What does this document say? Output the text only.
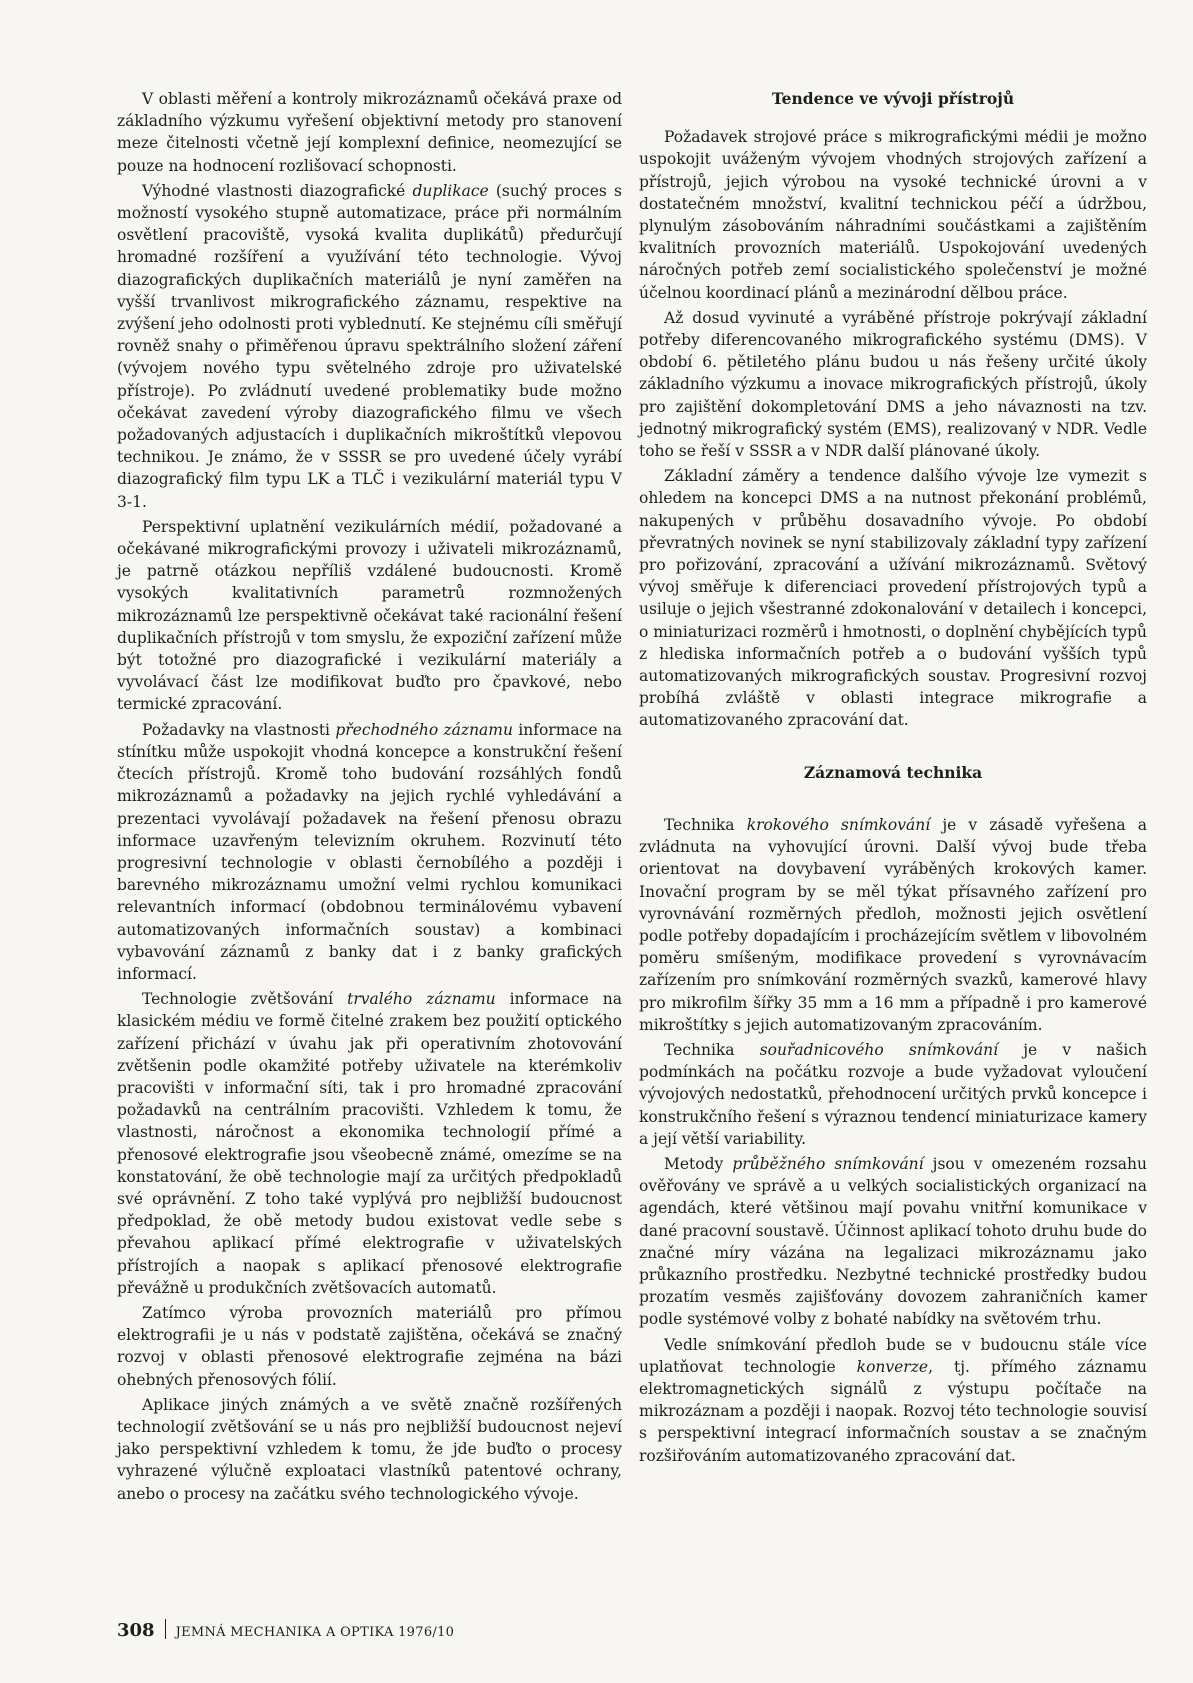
V oblasti měření a kontroly mikrozáznamů očekává praxe od základního výzkumu vyřešení objektivní metody pro stanovení meze čitelnosti včetně její komplexní definice, neomezující se pouze na hodnocení rozlišovací schopnosti.

Výhodné vlastnosti diazografické duplikace (suchý proces s možností vysokého stupně automatizace, práce při normálním osvětlení pracoviště, vysoká kvalita duplikátů) předurčují hromadné rozšíření a využívání této technologie. Vývoj diazografických duplikačních materiálů je nyní zaměřen na vyšší trvanlivost mikrografického záznamu, respektive na zvýšení jeho odolnosti proti vyblednutí. Ke stejnému cíli směřují rovněž snahy o přiměřenou úpravu spektrálního složení záření (vývojem nového typu světelného zdroje pro uživatelské přístroje). Po zvládnutí uvedené problematiky bude možno očekávat zavedení výroby diazografického filmu ve všech požadovaných adjustacích i duplikačních mikroštítků vlepovou technikou. Je známo, že v SSSR se pro uvedené účely vyrábí diazografický film typu LK a TLČ i vezikulární materiál typu V 3-1.

Perspektivní uplatnění vezikulárních médií, požadované a očekávané mikrografickými provozy i uživateli mikrozáznamů, je patrně otázkou nepříliš vzdálené budoucnosti. Kromě vysokých kvalitativních parametrů rozmnožených mikrozáznamů lze perspektivně očekávat také racionální řešení duplikačních přístrojů v tom smyslu, že expoziční zařízení může být totožné pro diazografické i vezikulární materiály a vyvolávací část lze modifikovat buďto pro čpavkové, nebo termické zpracování.

Požadavky na vlastnosti přechodného záznamu informace na stínítku může uspokojit vhodná koncepce a konstrukční řešení čtecích přístrojů. Kromě toho budování rozsáhlých fondů mikrozáznamů a požadavky na jejich rychlé vyhledávání a prezentaci vyvolávají požadavek na řešení přenosu obrazu informace uzavřeným televizním okruhem. Rozvinutí této progresivní technologie v oblasti černobílého a později i barevného mikrozáznamu umožní velmi rychlou komunikaci relevantních informací (obdobnou terminálovému vybavení automatizovaných informačních soustav) a kombinaci vybavování záznamů z banky dat i z banky grafických informací.

Technologie zvětšování trvalého záznamu informace na klasickém médiu ve formě čitelné zrakem bez použití optického zařízení přichází v úvahu jak při operativním zhotovování zvětšenin podle okamžité potřeby uživatele na kterémkoliv pracovišti v informační síti, tak i pro hromadné zpracování požadavků na centrálním pracovišti. Vzhledem k tomu, že vlastnosti, náročnost a ekonomika technologií přímé a přenosové elektrografie jsou všeobecně známé, omezíme se na konstatování, že obě technologie mají za určitých předpokladů své oprávnění. Z toho také vyplývá pro nejbližší budoucnost předpoklad, že obě metody budou existovat vedle sebe s převahou aplikací přímé elektrografie v uživatelských přístrojích a naopak s aplikací přenosové elektrografie převážně u produkčních zvětšovacích automatů.

Zatímco výroba provozních materiálů pro přímou elektrografii je u nás v podstatě zajištěna, očekává se značný rozvoj v oblasti přenosové elektrografie zejména na bázi ohebných přenosových fólií.

Aplikace jiných známých a ve světě značně rozšířených technologií zvětšování se u nás pro nejbližší budoucnost nejeví jako perspektivní vzhledem k tomu, že jde buďto o procesy vyhrazené výlučně exploataci vlastníků patentové ochrany, anebo o procesy na začátku svého technologického vývoje.

Tendence ve vývoji přístrojů

Požadavek strojové práce s mikrografickými médii je možno uspokojit uváženým vývojem vhodných strojových zařízení a přístrojů, jejich výrobou na vysoké technické úrovni a v dostatečném množství, kvalitní technickou péčí a údržbou, plynulým zásobováním náhradními součástkami a zajištěním kvalitních provozních materiálů. Uspokojování uvedených náročných potřeb zemí socialistického společenství je možné účelnou koordinací plánů a mezinárodní dělbou práce.

Až dosud vyvinuté a vyráběné přístroje pokrývají základní potřeby diferencovaného mikrografického systému (DMS). V období 6. pětiletého plánu budou u nás řešeny určité úkoly základního výzkumu a inovace mikrografických přístrojů, úkoly pro zajištění dokompletování DMS a jeho návaznosti na tzv. jednotný mikrografický systém (EMS), realizovaný v NDR. Vedle toho se řeší v SSSR a v NDR další plánované úkoly.

Základní záměry a tendence dalšího vývoje lze vymezit s ohledem na koncepci DMS a na nutnost překonání problémů, nakupených v průběhu dosavadního vývoje. Po období převratných novinek se nyní stabilizovaly základní typy zařízení pro pořizování, zpracování a užívání mikrozáznamů. Světový vývoj směřuje k diferenciaci provedení přístrojových typů a usiluje o jejich všestranné zdokonalování v detailech i koncepci, o miniaturizaci rozměrů i hmotnosti, o doplnění chybějících typů z hlediska informačních potřeb a o budování vyšších typů automatizovaných mikrografických soustav. Progresivní rozvoj probíhá zvláště v oblasti integrace mikrografie a automatizovaného zpracování dat.

Záznamová technika

Technika krokového snímkování je v zásadě vyřešena a zvládnuta na vyhovující úrovni. Další vývoj bude třeba orientovat na dovybavení vyráběných krokových kamer. Inovační program by se měl týkat přísavného zařízení pro vyrovnávání rozměrných předloh, možnosti jejich osvětlení podle potřeby dopadajícím i procházejícím světlem v libovolném poměru smíšeným, modifikace provedení s vyrovnávacím zařízením pro snímkování rozměrných svazků, kamerové hlavy pro mikrofilm šířky 35 mm a 16 mm a případně i pro kamerové mikroštítky s jejich automatizovaným zpracováním.

Technika souřadnicového snímkování je v našich podmínkách na počátku rozvoje a bude vyžadovat vyloučení vývojových nedostatků, přehodnocení určitých prvků koncepce i konstrukčního řešení s výraznou tendencí miniaturizace kamery a její větší variability.

Metody průběžného snímkování jsou v omezeném rozsahu ověřovány ve správě a u velkých socialistických organizací na agendách, které většinou mají povahu vnitřní komunikace v dané pracovní soustavě. Účinnost aplikací tohoto druhu bude do značné míry vázána na legalizaci mikrozáznamu jako průkazního prostředku. Nezbytné technické prostředky budou prozatím vesměs zajišťovány dovozem zahraničních kamer podle systémové volby z bohaté nabídky na světovém trhu.

Vedle snímkování předloh bude se v budoucnu stále více uplatňovat technologie konverze, tj. přímého záznamu elektromagnetických signálů z výstupu počítače na mikrozáznam a později i naopak. Rozvoj této technologie souvisí s perspektivní integrací informačních soustav a se značným rozšiřováním automatizovaného zpracování dat.

308 JEMNÁ MECHANIKA A OPTIKA 1976/10
